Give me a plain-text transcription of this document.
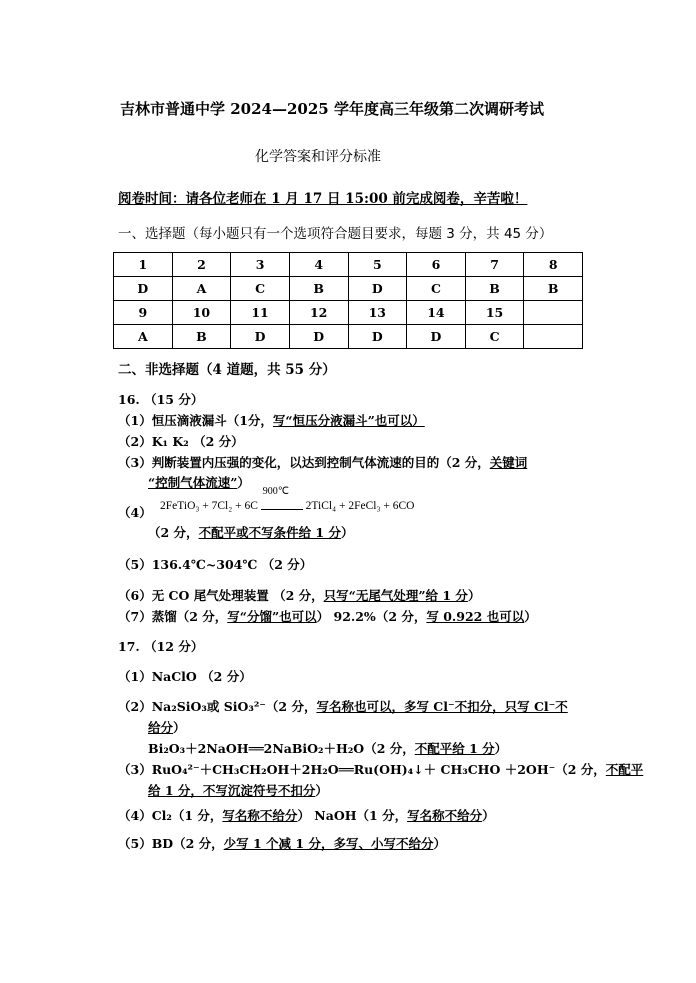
吉林市普通中学 2024—2025 学年度高三年级第二次调研考试
化学答案和评分标准
阅卷时间：请各位老师在 1 月 17 日 15:00 前完成阅卷，辛苦啦！
一、选择题（每小题只有一个选项符合题目要求，每题 3 分，共 45 分）
1	2	3	4	5	6	7	8
D	A	C	B	D	C	B	B
9	10	11	12	13	14	15	
A	B	D	D	D	D	C	
二、非选择题（4 道题，共 55 分）
16. （15 分）
（1）恒压滴液漏斗（1分，写“恒压分液漏斗”也可以）
（2）K₁ K₂ （2 分）
（3）判断装置内压强的变化，以达到控制气体流速的目的（2 分，关键词
“控制气体流速”）
（4） 2FeTiO₃ + 7Cl₂ + 6C
900℃
2TiCl₄ + 2FeCl₃ + 6CO
（2 分，不配平或不写条件给 1 分）
（5）136.4℃~304℃ （2 分）
（6）无 CO 尾气处理装置 （2 分，只写“无尾气处理”给 1 分）
（7）蒸馏（2 分，写“分馏”也可以） 92.2%（2 分，写 0.922 也可以）
17. （12 分）
（1）NaClO （2 分）
（2）Na₂SiO₃或 SiO₃²⁻（2 分，写名称也可以，多写 Cl⁻不扣分，只写 Cl⁻不
给分）
Bi₂O₃＋2NaOH══2NaBiO₂＋H₂O（2 分，不配平给 1 分）
（3）RuO₄²⁻＋CH₃CH₂OH＋2H₂O══Ru(OH)₄↓＋ CH₃CHO ＋2OH⁻（2 分，不配平
给 1 分，不写沉淀符号不扣分）
（4）Cl₂（1 分，写名称不给分） NaOH（1 分，写名称不给分）
（5）BD（2 分，少写 1 个减 1 分，多写、小写不给分）
